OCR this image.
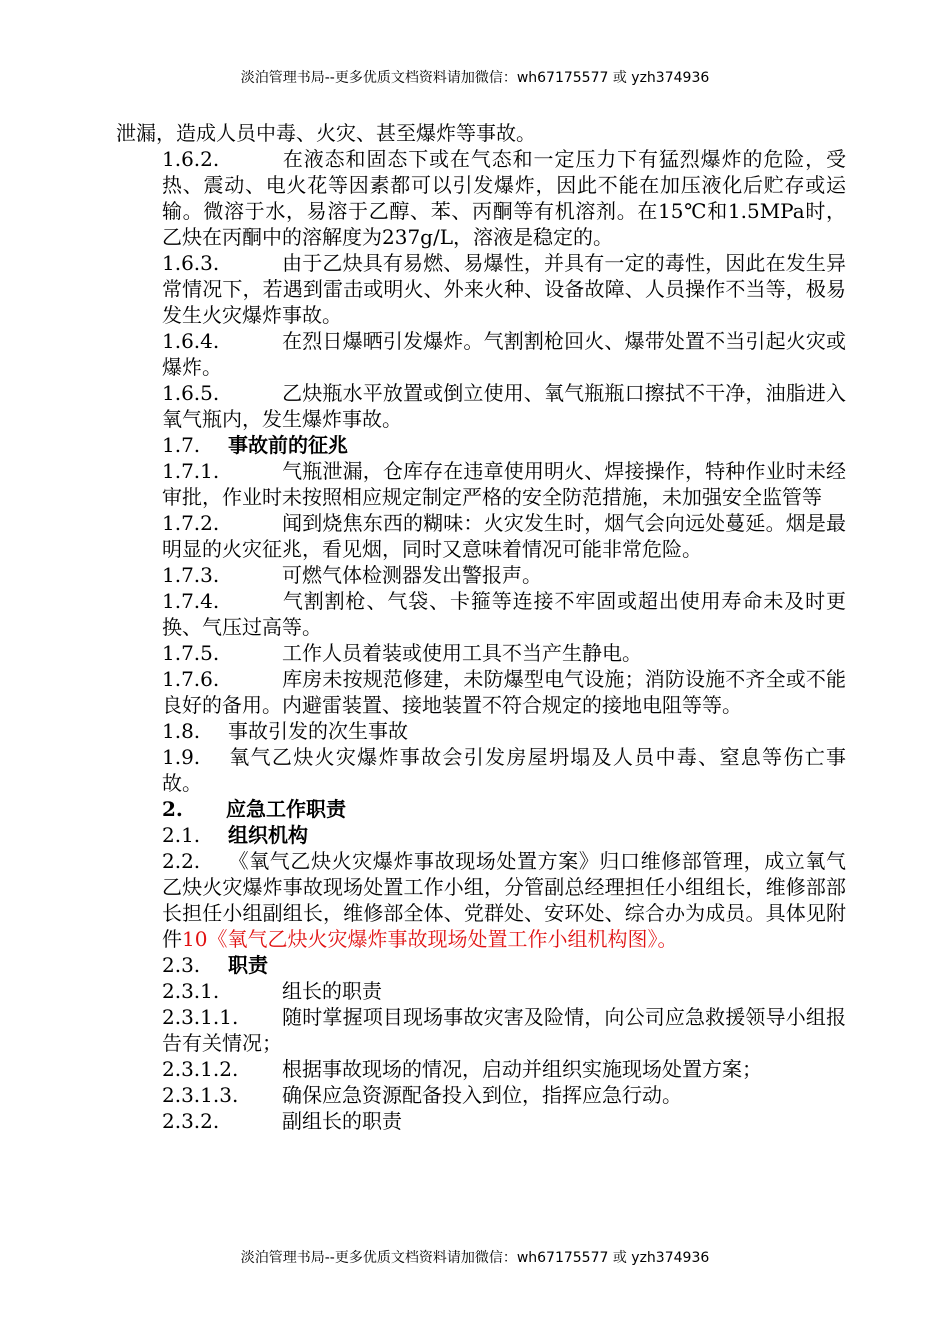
淡泊管理书局--更多优质文档资料请加微信：wh67175577 或 yzh374936

泄漏，造成人员中毒、火灾、甚至爆炸等事故。

1.6.2.	在液态和固态下或在气态和一定压力下有猛烈爆炸的危险，受热、震动、电火花等因素都可以引发爆炸，因此不能在加压液化后贮存或运输。微溶于水，易溶于乙醇、苯、丙酮等有机溶剂。在15℃和1.5MPa时，乙炔在丙酮中的溶解度为237g/L，溶液是稳定的。

1.6.3.	由于乙炔具有易燃、易爆性，并具有一定的毒性，因此在发生异常情况下，若遇到雷击或明火、外来火种、设备故障、人员操作不当等，极易发生火灾爆炸事故。

1.6.4.	在烈日爆晒引发爆炸。气割割枪回火、爆带处置不当引起火灾或爆炸。

1.6.5.	乙炔瓶水平放置或倒立使用、氧气瓶瓶口擦拭不干净，油脂进入氧气瓶内，发生爆炸事故。

1.7. 事故前的征兆

1.7.1.	气瓶泄漏，仓库存在违章使用明火、焊接操作，特种作业时未经审批，作业时未按照相应规定制定严格的安全防范措施，未加强安全监管等

1.7.2.	闻到烧焦东西的糊味：火灾发生时，烟气会向远处蔓延。烟是最明显的火灾征兆，看见烟，同时又意味着情况可能非常危险。

1.7.3.	可燃气体检测器发出警报声。

1.7.4.	气割割枪、气袋、卡箍等连接不牢固或超出使用寿命未及时更换、气压过高等。

1.7.5.	工作人员着装或使用工具不当产生静电。

1.7.6.	库房未按规范修建，未防爆型电气设施；消防设施不齐全或不能良好的备用。内避雷装置、接地装置不符合规定的接地电阻等等。

1.8. 事故引发的次生事故

1.9. 氧气乙炔火灾爆炸事故会引发房屋坍塌及人员中毒、窒息等伤亡事故。

2. 应急工作职责

2.1. 组织机构

2.2. 《氧气乙炔火灾爆炸事故现场处置方案》归口维修部管理，成立氧气乙炔火灾爆炸事故现场处置工作小组，分管副总经理担任小组组长，维修部部长担任小组副组长，维修部全体、党群处、安环处、综合办为成员。具体见附件10《氧气乙炔火灾爆炸事故现场处置工作小组机构图》。

2.3. 职责

2.3.1.	组长的职责

2.3.1.1. 随时掌握项目现场事故灾害及险情，向公司应急救援领导小组报告有关情况；

2.3.1.2. 根据事故现场的情况，启动并组织实施现场处置方案；

2.3.1.3. 确保应急资源配备投入到位，指挥应急行动。

2.3.2.	副组长的职责

淡泊管理书局--更多优质文档资料请加微信：wh67175577 或 yzh374936
